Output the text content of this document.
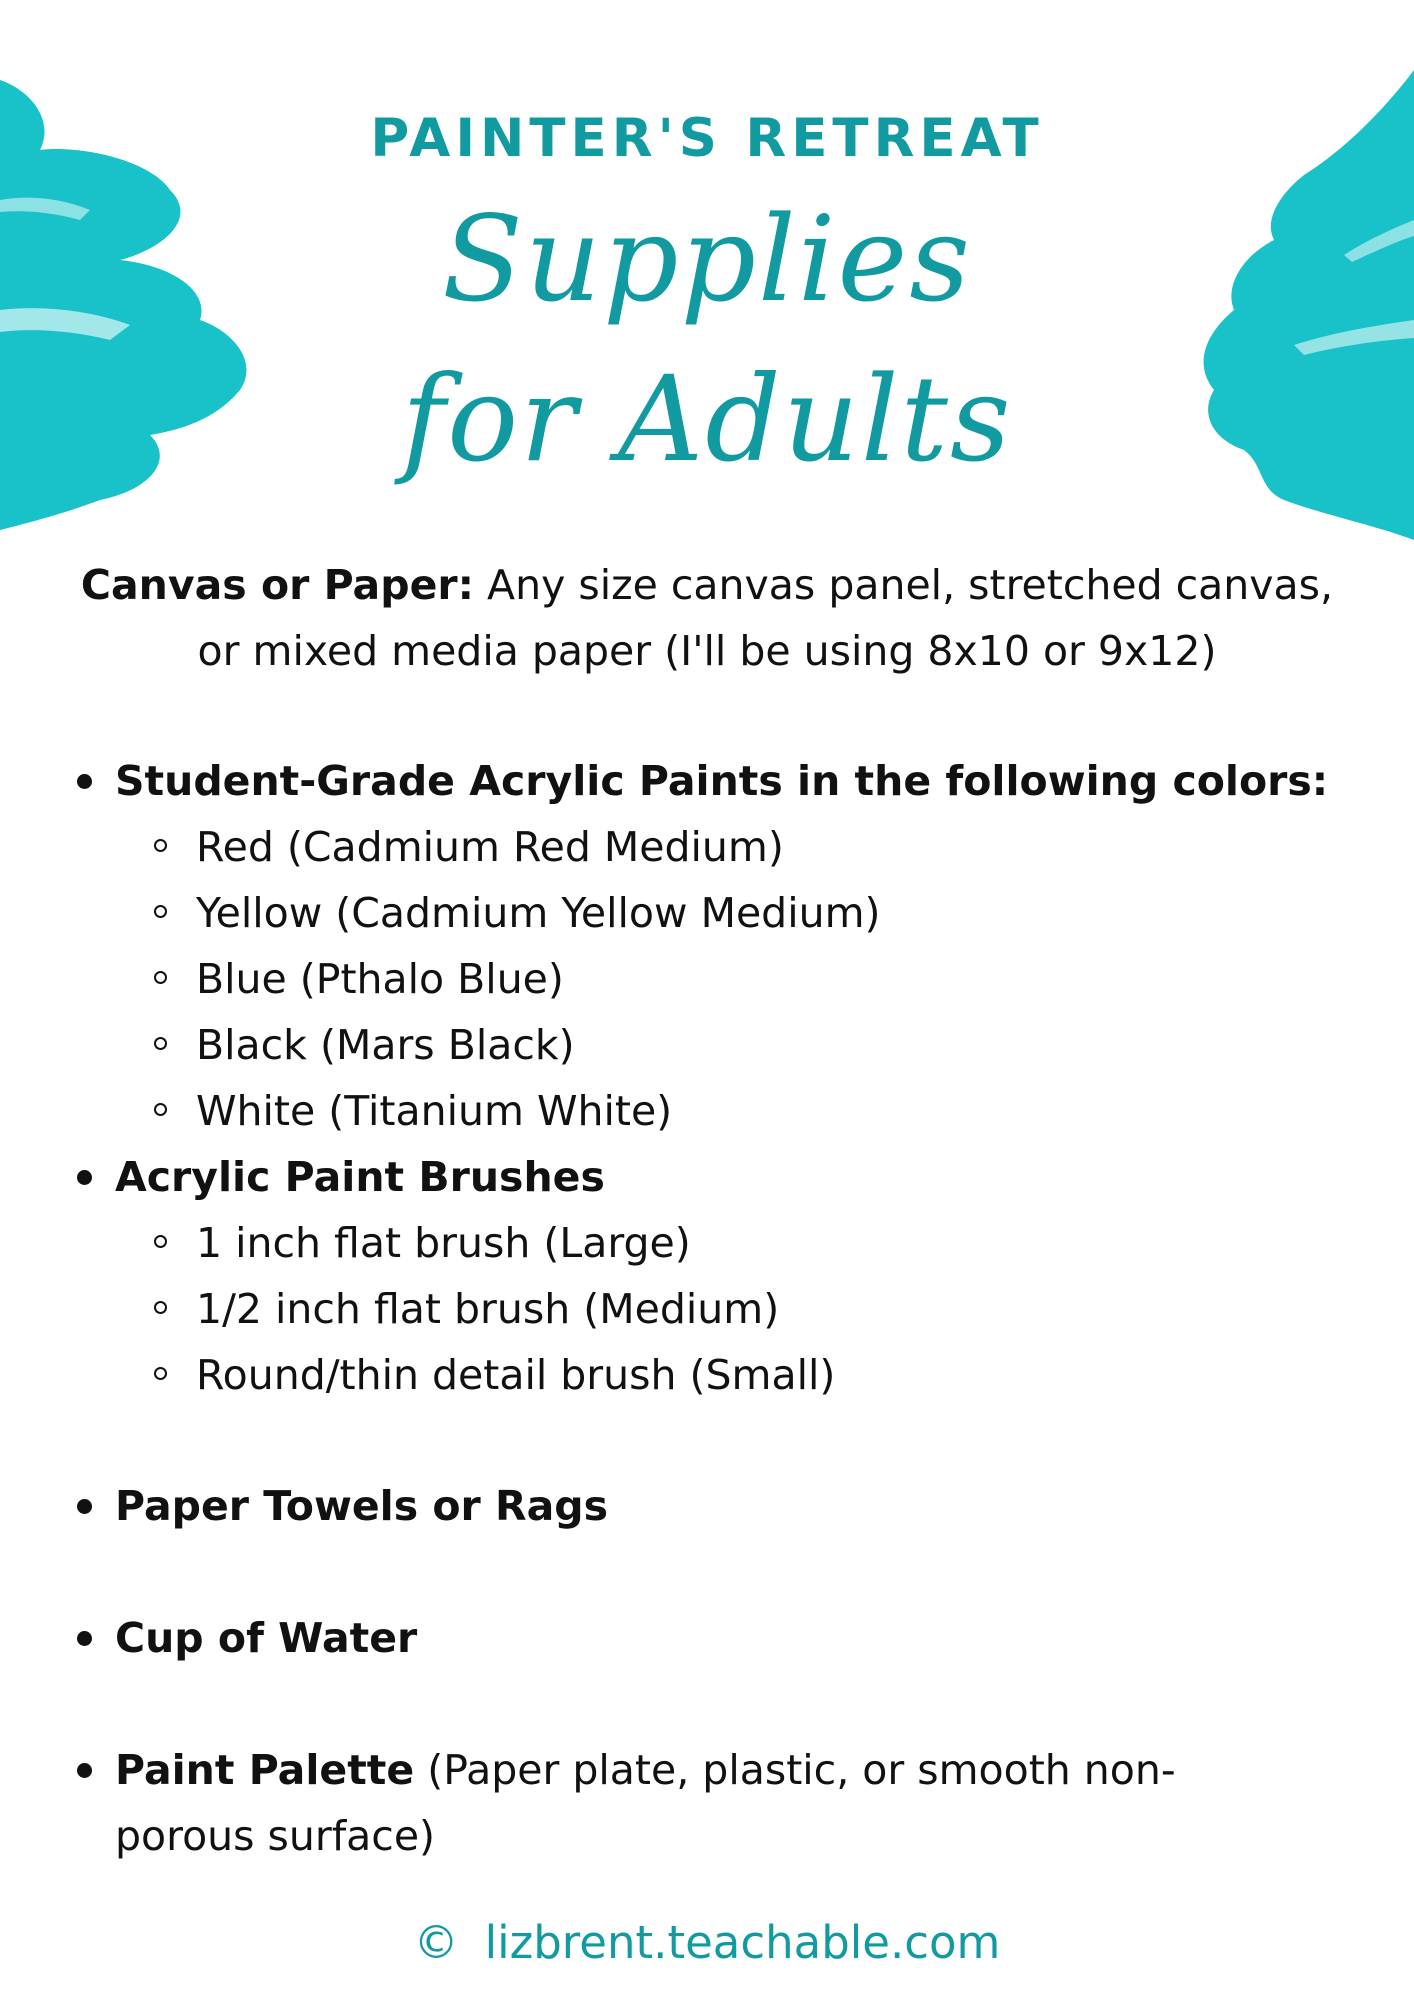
PAINTER'S RETREAT
Supplies
for Adults
Canvas or Paper: Any size canvas panel, stretched canvas,
or mixed media paper (I'll be using 8x10 or 9x12)
Student-Grade Acrylic Paints in the following colors:
Red (Cadmium Red Medium)
Yellow (Cadmium Yellow Medium)
Blue (Pthalo Blue)
Black (Mars Black)
White (Titanium White)
Acrylic Paint Brushes
1 inch flat brush (Large)
1/2 inch flat brush (Medium)
Round/thin detail brush (Small)
Paper Towels or Rags
Cup of Water
Paint Palette (Paper plate, plastic, or smooth non-
porous surface)
© lizbrent.teachable.com
